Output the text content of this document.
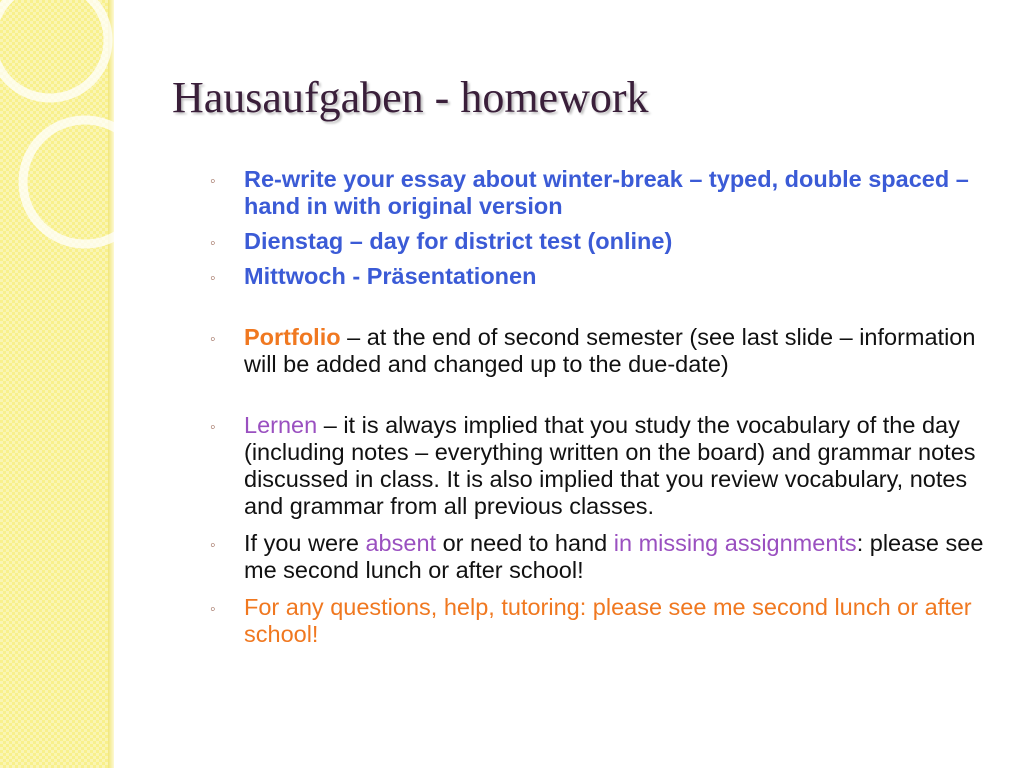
Hausaufgaben - homework
◦ Re-write your essay about winter-break – typed, double spaced – hand in with original version
◦ Dienstag – day for district test (online)
◦ Mittwoch - Präsentationen
◦ Portfolio – at the end of second semester (see last slide – information will be added and changed up to the due-date)
◦ Lernen – it is always implied that you study the vocabulary of the day (including notes – everything written on the board) and grammar notes discussed in class. It is also implied that you review vocabulary, notes and grammar from all previous classes.
◦ If you were absent or need to hand in missing assignments: please see me second lunch or after school!
◦ For any questions, help, tutoring: please see me second lunch or after school!
